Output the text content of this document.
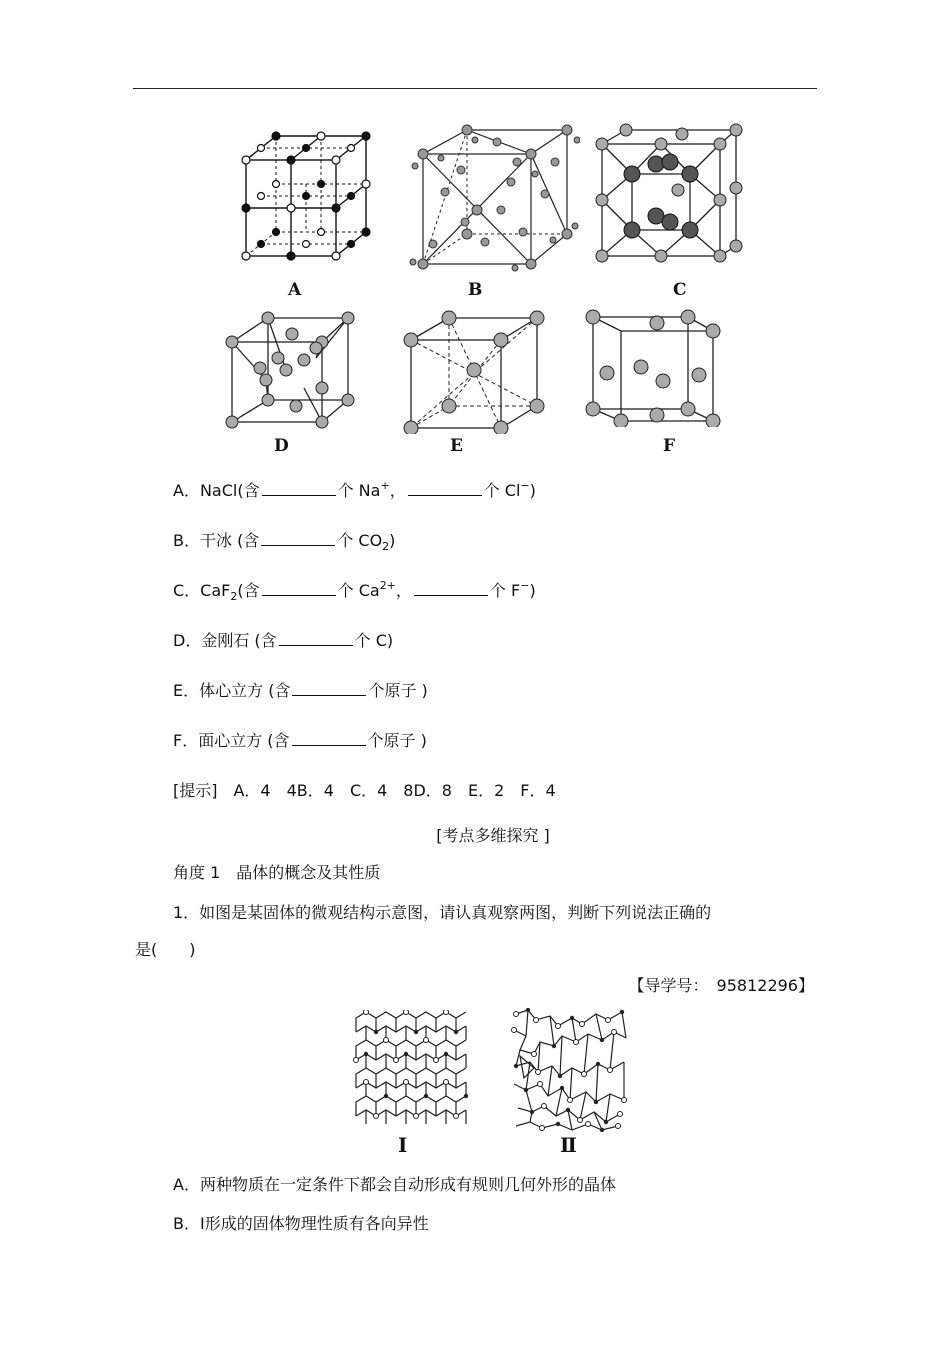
A	B	C
D	E	F
A．NaCl(含	个 Na+，	个 Cl−)
B．干冰 (含	个 $CO_2$)
C．CaF$_2$(含	个 $Ca^{2+}$，	个 F−)
D．金刚石 (含	个 C)
E．体心立方 (含	个原子 )
F．面心立方 (含	个原子 )
[提示]　A．4　4B．4　C．4　8D．8　E．2　F．4
[考点多维探究 ]
角度 1　晶体的概念及其性质
1．如图是某固体的微观结构示意图，请认真观察两图，判断下列说法正确的
是(　　)
【导学号：　95812296】
Ⅰ	Ⅱ
A．两种物质在一定条件下都会自动形成有规则几何外形的晶体
B．Ⅰ形成的固体物理性质有各向异性
